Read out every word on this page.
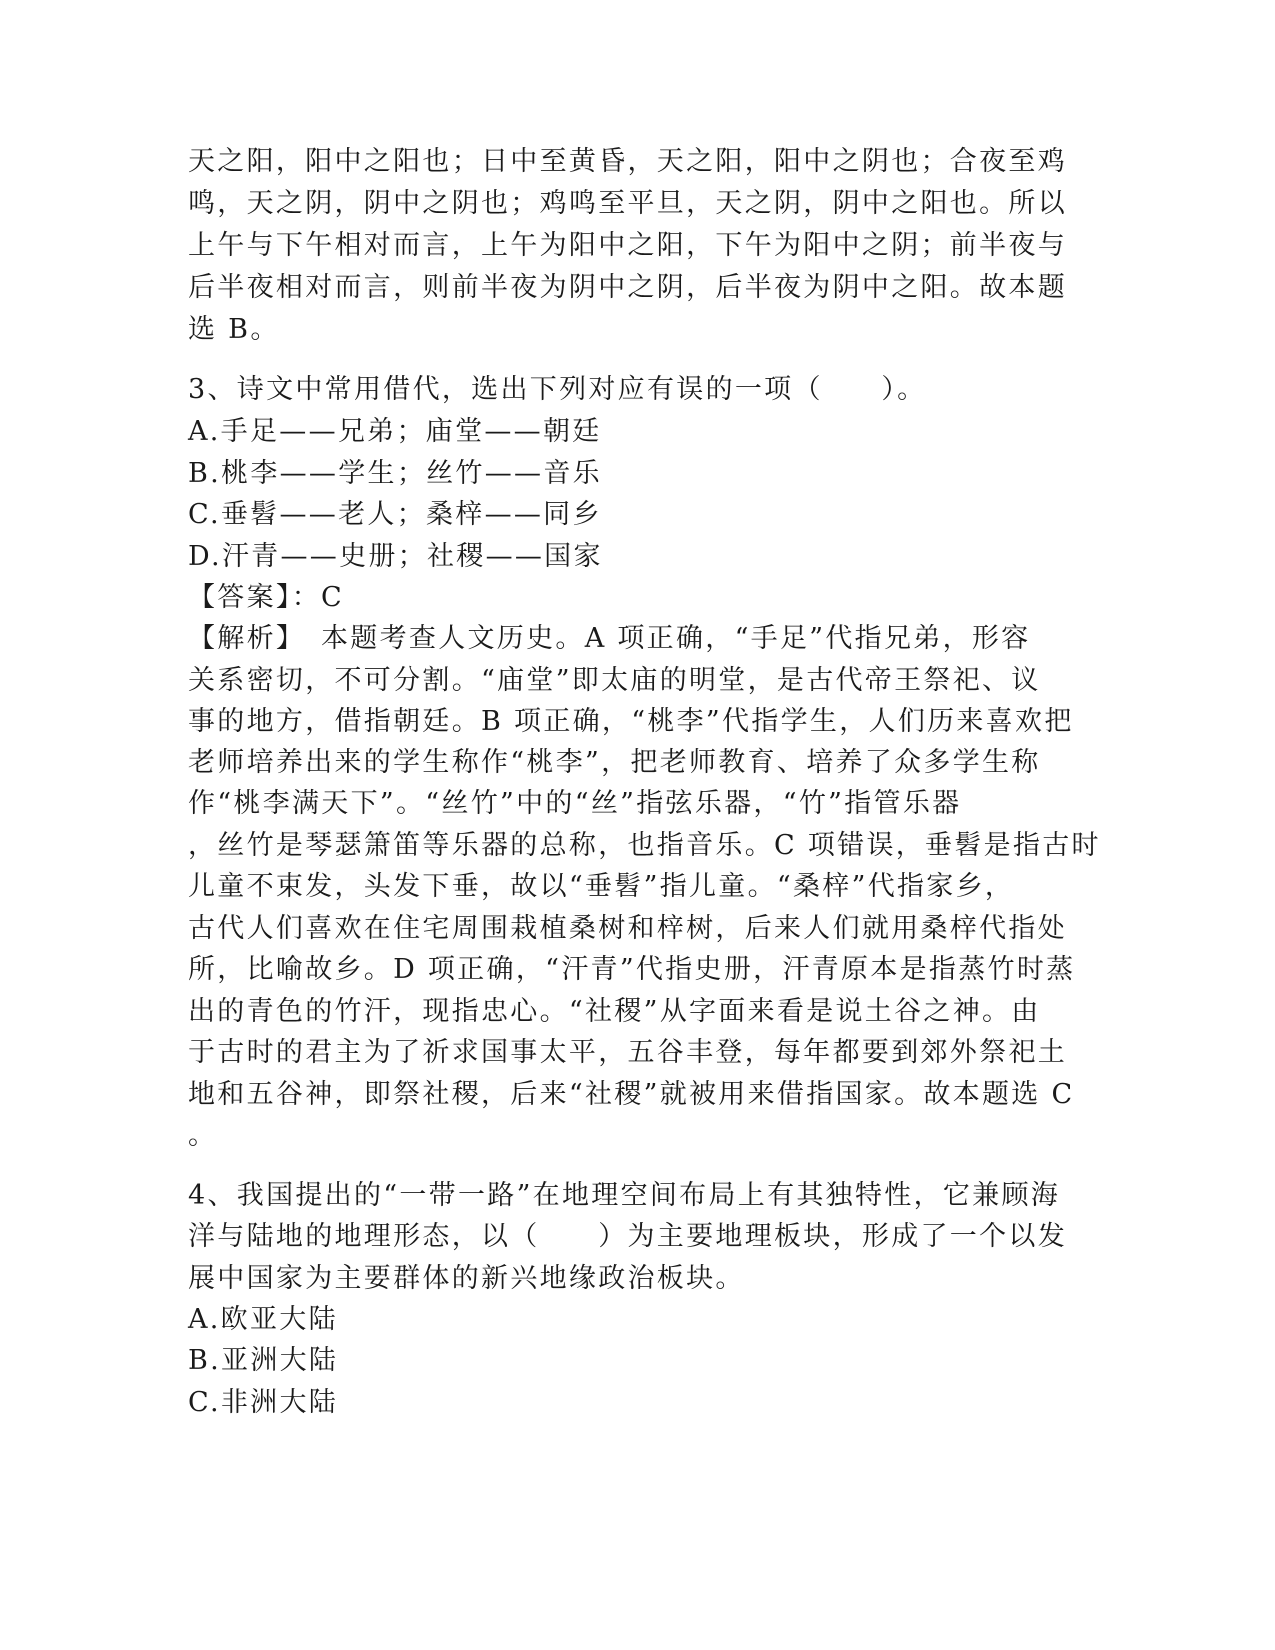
天之阳，阳中之阳也；日中至黄昏，天之阳，阳中之阴也；合夜至鸡
鸣，天之阴，阴中之阴也；鸡鸣至平旦，天之阴，阴中之阳也。所以
上午与下午相对而言，上午为阳中之阳，下午为阳中之阴；前半夜与
后半夜相对而言，则前半夜为阴中之阴，后半夜为阴中之阳。故本题
选 B。
3、诗文中常用借代，选出下列对应有误的一项（　　）。
A.手足——兄弟；庙堂——朝廷
B.桃李——学生；丝竹——音乐
C.垂髫——老人；桑梓——同乡
D.汗青——史册；社稷——国家
【答案】：C
【解析】　本题考查人文历史。A 项正确，“手足”代指兄弟，形容
关系密切，不可分割。“庙堂”即太庙的明堂，是古代帝王祭祀、议
事的地方，借指朝廷。B 项正确，“桃李”代指学生，人们历来喜欢把
老师培养出来的学生称作“桃李”，把老师教育、培养了众多学生称
作“桃李满天下”。“丝竹”中的“丝”指弦乐器，“竹”指管乐器
，丝竹是琴瑟箫笛等乐器的总称，也指音乐。C 项错误，垂髫是指古时
儿童不束发，头发下垂，故以“垂髫”指儿童。“桑梓”代指家乡，
古代人们喜欢在住宅周围栽植桑树和梓树，后来人们就用桑梓代指处
所，比喻故乡。D 项正确，“汗青”代指史册，汗青原本是指蒸竹时蒸
出的青色的竹汗，现指忠心。“社稷”从字面来看是说土谷之神。由
于古时的君主为了祈求国事太平，五谷丰登，每年都要到郊外祭祀土
地和五谷神，即祭社稷，后来“社稷”就被用来借指国家。故本题选 C
。
4、我国提出的“一带一路”在地理空间布局上有其独特性，它兼顾海
洋与陆地的地理形态，以（　　）为主要地理板块，形成了一个以发
展中国家为主要群体的新兴地缘政治板块。
A.欧亚大陆
B.亚洲大陆
C.非洲大陆
